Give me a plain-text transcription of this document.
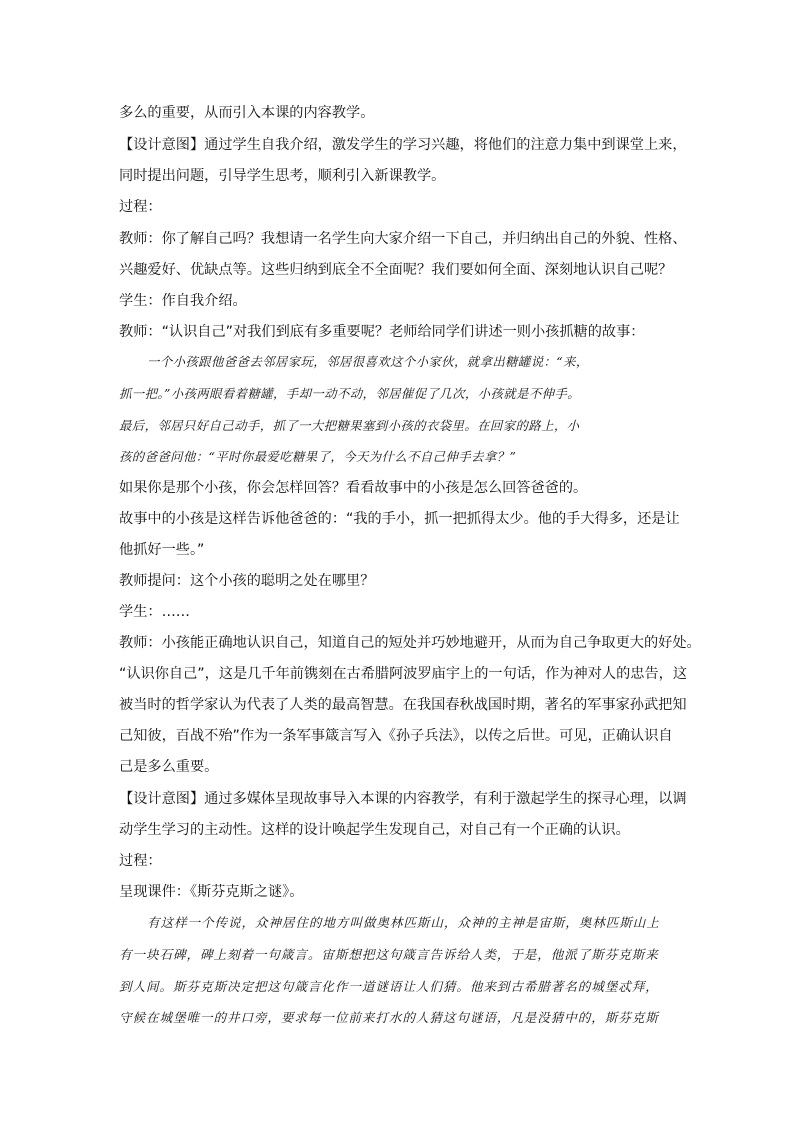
多么的重要，从而引入本课的内容教学。
【设计意图】通过学生自我介绍，激发学生的学习兴趣，将他们的注意力集中到课堂上来，
同时提出问题，引导学生思考，顺利引入新课教学。
过程：
教师：你了解自己吗？我想请一名学生向大家介绍一下自己，并归纳出自己的外貌、性格、
兴趣爱好、优缺点等。这些归纳到底全不全面呢？我们要如何全面、深刻地认识自己呢？
学生：作自我介绍。
教师：“认识自己”对我们到底有多重要呢？老师给同学们讲述一则小孩抓糖的故事：
一个小孩跟他爸爸去邻居家玩，邻居很喜欢这个小家伙，就拿出糖罐说：“来，
抓一把。”小孩两眼看着糖罐，手却一动不动，邻居催促了几次，小孩就是不伸手。
最后，邻居只好自己动手，抓了一大把糖果塞到小孩的衣袋里。在回家的路上，小
孩的爸爸问他：“平时你最爱吃糖果了，今天为什么不自己伸手去拿？”
如果你是那个小孩，你会怎样回答？看看故事中的小孩是怎么回答爸爸的。
故事中的小孩是这样告诉他爸爸的：“我的手小，抓一把抓得太少。他的手大得多，还是让
他抓好一些。”
教师提问：这个小孩的聪明之处在哪里？
学生：……
教师：小孩能正确地认识自己，知道自己的短处并巧妙地避开，从而为自己争取更大的好处。
“认识你自己”，这是几千年前镌刻在古希腊阿波罗庙宇上的一句话，作为神对人的忠告，这
被当时的哲学家认为代表了人类的最高智慧。在我国春秋战国时期，著名的军事家孙武把知
己知彼，百战不殆”作为一条军事箴言写入《孙子兵法》，以传之后世。可见，正确认识自
己是多么重要。
【设计意图】通过多媒体呈现故事导入本课的内容教学，有利于激起学生的探寻心理，以调
动学生学习的主动性。这样的设计唤起学生发现自己，对自己有一个正确的认识。
过程：
呈现课件：《斯芬克斯之谜》。
有这样一个传说，众神居住的地方叫做奥林匹斯山，众神的主神是宙斯，奥林匹斯山上
有一块石碑，碑上刻着一句箴言。宙斯想把这句箴言告诉给人类，于是，他派了斯芬克斯来
到人间。斯芬克斯决定把这句箴言化作一道谜语让人们猜。他来到古希腊著名的城堡忒拜，
守候在城堡唯一的井口旁，要求每一位前来打水的人猜这句谜语，凡是没猜中的，斯芬克斯
